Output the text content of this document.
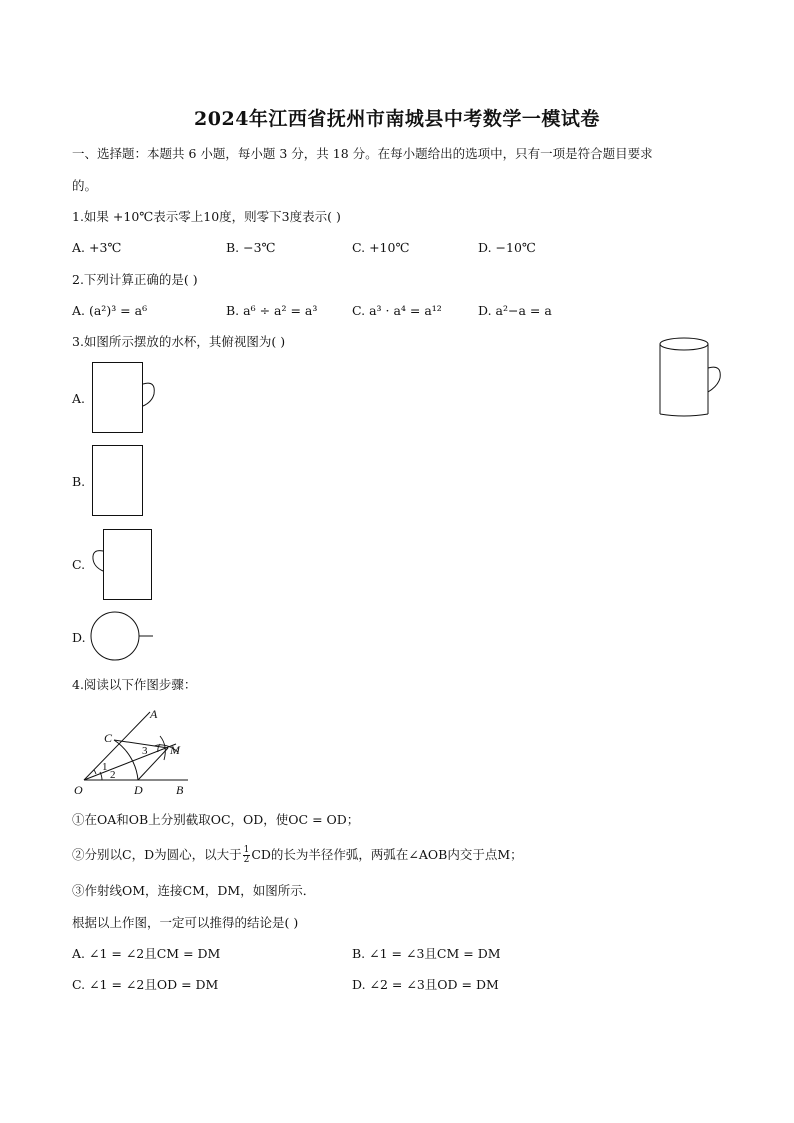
2024年江西省抚州市南城县中考数学一模试卷
一、选择题：本题共 6 小题，每小题 3 分，共 18 分。在每小题给出的选项中，只有一项是符合题目要求
的。
1.如果 +10℃表示零上10度，则零下3度表示( )
A. +3℃	B. −3℃	C. +10℃	D. −10℃
2.下列计算正确的是( )
A. (a²)³ = a⁶	B. a⁶ ÷ a² = a³	C. a³ · a⁴ = a¹²	D. a²−a = a
3.如图所示摆放的水杯，其俯视图为( )
A.
B.
C.
D.
4.阅读以下作图步骤：
A
C
M
O	D	B
1
2
3
①在OA和OB上分别截取OC，OD，使OC = OD；
②分别以C，D为圆心，以大于 $\frac{1}{2}$ CD的长为半径作弧，两弧在∠AOB内交于点M；
③作射线OM，连接CM，DM，如图所示．
根据以上作图，一定可以推得的结论是( )
A. ∠1 = ∠2且CM = DM	B. ∠1 = ∠3且CM = DM
C. ∠1 = ∠2且OD = DM	D. ∠2 = ∠3且OD = DM
